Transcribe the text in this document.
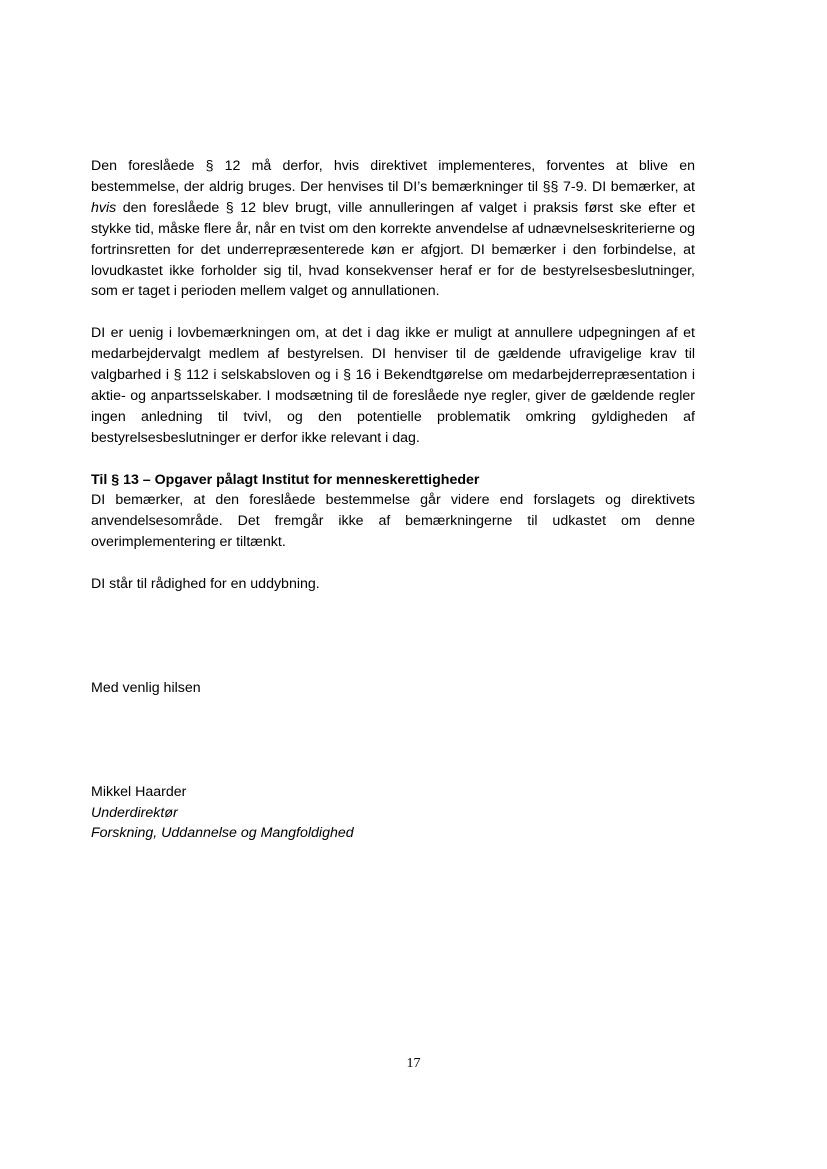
Den foreslåede § 12 må derfor, hvis direktivet implementeres, forventes at blive en bestemmelse, der aldrig bruges. Der henvises til DI’s bemærkninger til §§ 7-9. DI bemærker, at hvis den foreslåede § 12 blev brugt, ville annulleringen af valget i praksis først ske efter et stykke tid, måske flere år, når en tvist om den korrekte anvendelse af udnævnelseskriterierne og fortrinsretten for det underrepræsenterede køn er afgjort. DI bemærker i den forbindelse, at lovudkastet ikke forholder sig til, hvad konsekvenser heraf er for de bestyrelsesbeslutninger, som er taget i perioden mellem valget og annullationen.

DI er uenig i lovbemærkningen om, at det i dag ikke er muligt at annullere udpegningen af et medarbejdervalgt medlem af bestyrelsen. DI henviser til de gældende ufravigelige krav til valgbarhed i § 112 i selskabsloven og i § 16 i Bekendtgørelse om medarbejderrepræsentation i aktie- og anpartsselskaber. I modsætning til de foreslåede nye regler, giver de gældende regler ingen anledning til tvivl, og den potentielle problematik omkring gyldigheden af bestyrelsesbeslutninger er derfor ikke relevant i dag.

Til § 13 – Opgaver pålagt Institut for menneskerettigheder
DI bemærker, at den foreslåede bestemmelse går videre end forslagets og direktivets anvendelsesområde. Det fremgår ikke af bemærkningerne til udkastet om denne overimplementering er tiltænkt.

DI står til rådighed for en uddybning.

Med venlig hilsen

Mikkel Haarder
Underdirektør
Forskning, Uddannelse og Mangfoldighed
17
